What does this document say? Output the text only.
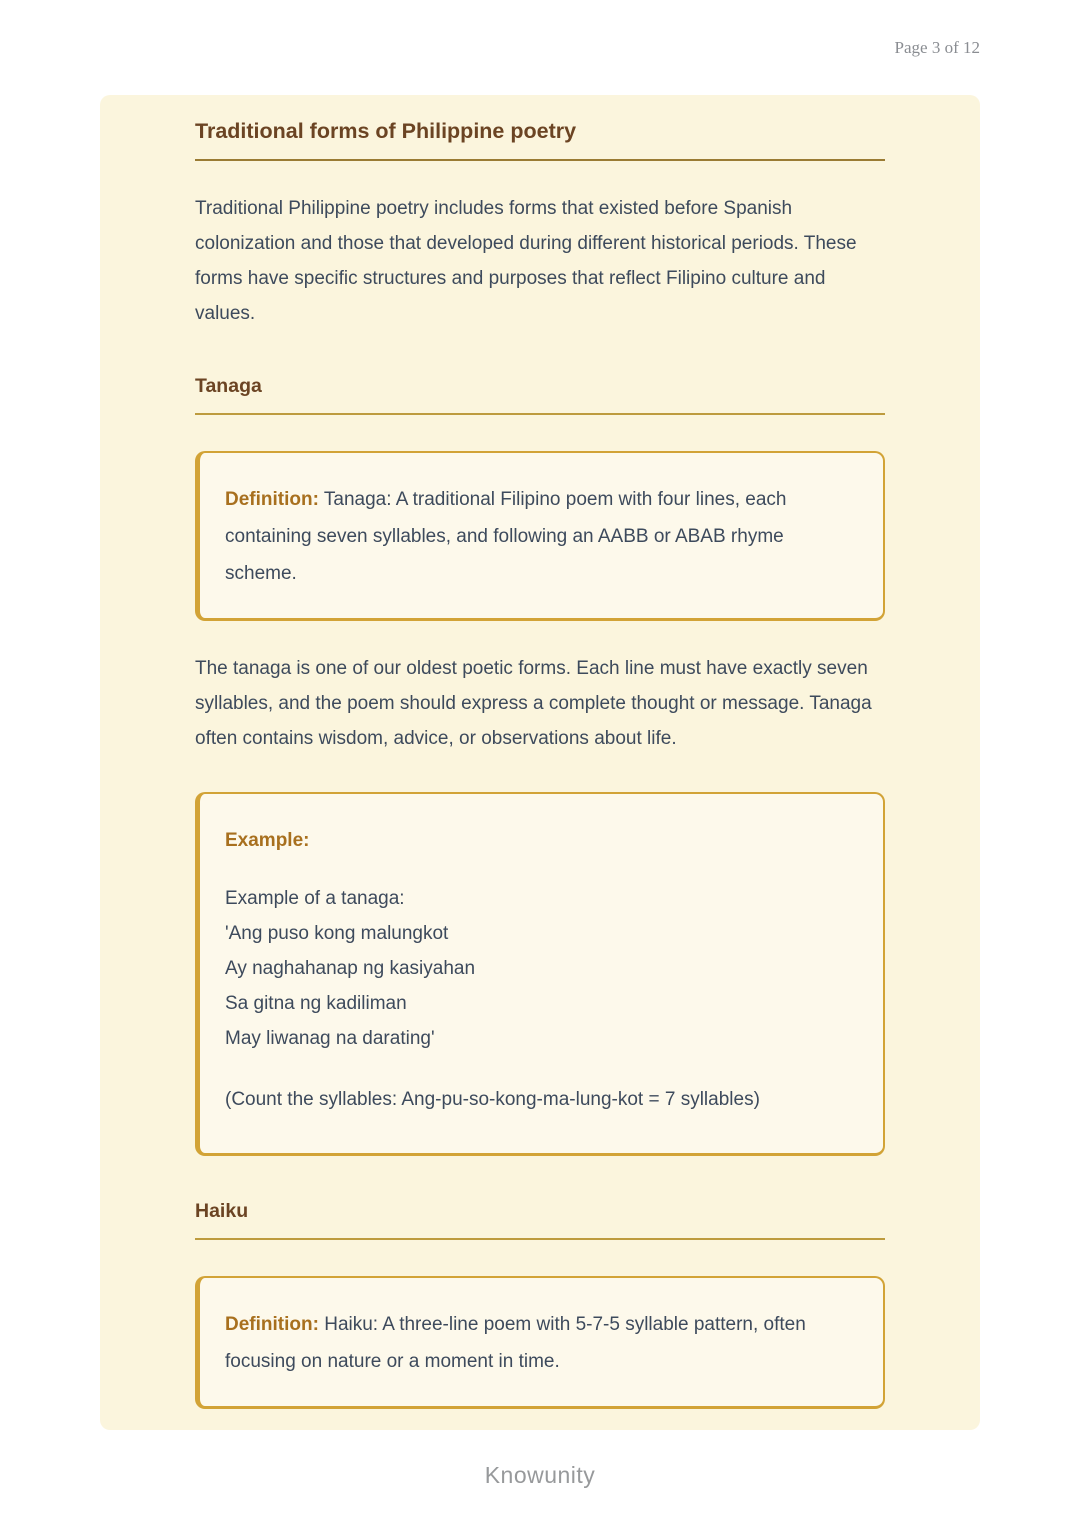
Page 3 of 12
Traditional forms of Philippine poetry

Traditional Philippine poetry includes forms that existed before Spanish colonization and those that developed during different historical periods. These forms have specific structures and purposes that reflect Filipino culture and values.

Tanaga

Definition: Tanaga: A traditional Filipino poem with four lines, each containing seven syllables, and following an AABB or ABAB rhyme scheme.

The tanaga is one of our oldest poetic forms. Each line must have exactly seven syllables, and the poem should express a complete thought or message. Tanaga often contains wisdom, advice, or observations about life.

Example:

Example of a tanaga:
'Ang puso kong malungkot
Ay naghahanap ng kasiyahan
Sa gitna ng kadiliman
May liwanag na darating'
(Count the syllables: Ang-pu-so-kong-ma-lung-kot = 7 syllables)
Haiku

Definition: Haiku: A three-line poem with 5-7-5 syllable pattern, often focusing on nature or a moment in time.

Knowunity
